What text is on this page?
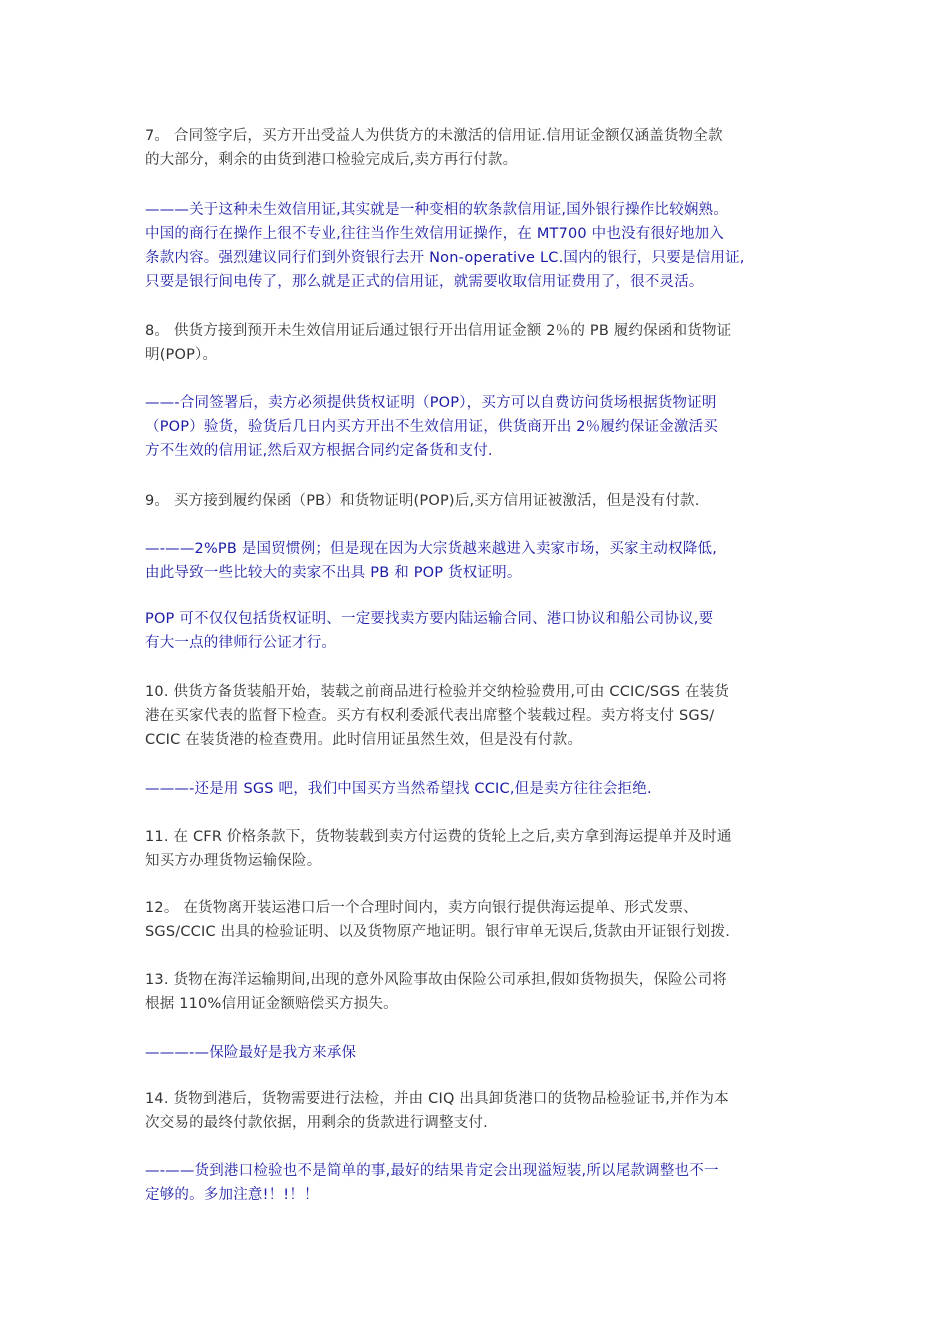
7。 合同签字后，买方开出受益人为供货方的未激活的信用证.信用证金额仅涵盖货物全款
的大部分，剩余的由货到港口检验完成后,卖方再行付款。
———关于这种未生效信用证,其实就是一种变相的软条款信用证,国外银行操作比较娴熟。
中国的商行在操作上很不专业,往往当作生效信用证操作，在 MT700 中也没有很好地加入
条款内容。强烈建议同行们到外资银行去开 Non-operative LC.国内的银行，只要是信用证,
只要是银行间电传了，那么就是正式的信用证，就需要收取信用证费用了，很不灵活。
8。 供货方接到预开未生效信用证后通过银行开出信用证金额 2％的 PB 履约保函和货物证
明(POP）。
——-合同签署后，卖方必须提供货权证明（POP），买方可以自费访问货场根据货物证明
（POP）验货，验货后几日内买方开出不生效信用证，供货商开出 2％履约保证金激活买
方不生效的信用证,然后双方根据合同约定备货和支付.
9。 买方接到履约保函（PB）和货物证明(POP)后,买方信用证被激活，但是没有付款.
—-——2%PB 是国贸惯例；但是现在因为大宗货越来越进入卖家市场，买家主动权降低,
由此导致一些比较大的卖家不出具 PB 和 POP 货权证明。
POP 可不仅仅包括货权证明、一定要找卖方要内陆运输合同、港口协议和船公司协议,要
有大一点的律师行公证才行。
10. 供货方备货装船开始，装载之前商品进行检验并交纳检验费用,可由 CCIC/SGS 在装货
港在买家代表的监督下检查。买方有权利委派代表出席整个装载过程。卖方将支付 SGS/
CCIC 在装货港的检查费用。此时信用证虽然生效，但是没有付款。
———-还是用 SGS 吧，我们中国买方当然希望找 CCIC,但是卖方往往会拒绝.
11. 在 CFR 价格条款下，货物装载到卖方付运费的货轮上之后,卖方拿到海运提单并及时通
知买方办理货物运输保险。
12。 在货物离开装运港口后一个合理时间内，卖方向银行提供海运提单、形式发票、
SGS/CCIC 出具的检验证明、以及货物原产地证明。银行审单无误后,货款由开证银行划拨.
13. 货物在海洋运输期间,出现的意外风险事故由保险公司承担,假如货物损失，保险公司将
根据 110%信用证金额赔偿买方损失。
———-—保险最好是我方来承保
14. 货物到港后，货物需要进行法检，并由 CIQ 出具卸货港口的货物品检验证书,并作为本
次交易的最终付款依据，用剩余的货款进行调整支付.
—-——货到港口检验也不是简单的事,最好的结果肯定会出现溢短装,所以尾款调整也不一
定够的。多加注意!！!！！
